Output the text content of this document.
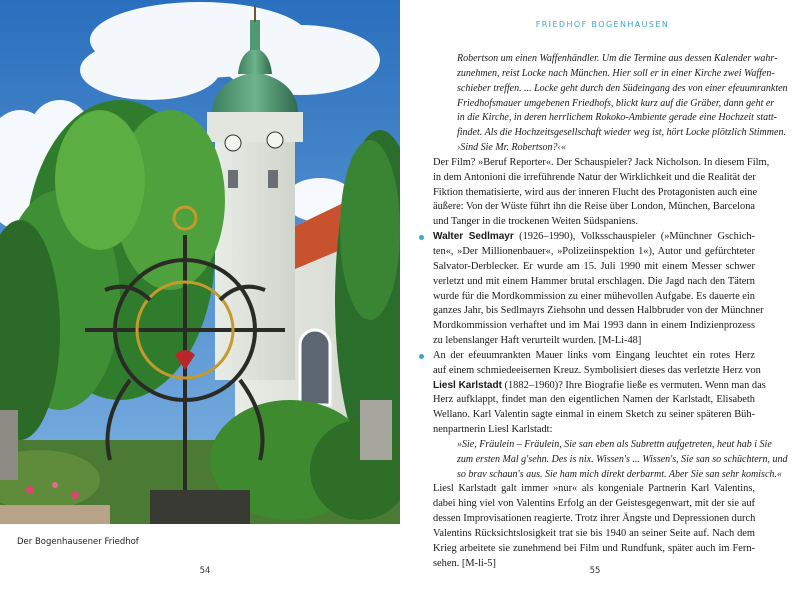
Der Bogenhausener Friedhof
54
FRIEDHOF BOGENHAUSEN

Robertson um einen Waffenhändler. Um die Termine aus dessen Kalender wahr-
zunehmen, reist Locke nach München. Hier soll er in einer Kirche zwei Waffen-
schieber treffen. ... Locke geht durch den Südeingang des von einer efeuumrankten
Friedhofsmauer umgebenen Friedhofs, blickt kurz auf die Gräber, dann geht er
in die Kirche, in deren herrlichem Rokoko-Ambiente gerade eine Hochzeit statt-
findet. Als die Hochzeitsgesellschaft wieder weg ist, hört Locke plötzlich Stimmen.
›Sind Sie Mr. Robertson?‹«

Der Film? »Beruf Reporter«. Der Schauspieler? Jack Nicholson. In diesem Film,
in dem Antonioni die irreführende Natur der Wirklichkeit und die Realität der
Fiktion thematisierte, wird aus der inneren Flucht des Protagonisten auch eine
äußere: Von der Wüste führt ihn die Reise über London, München, Barcelona
und Tanger in die trockenen Weiten Südspaniens.

Walter Sedlmayr (1926–1990), Volksschauspieler (»Münchner Gschich-
ten«, »Der Millionenbauer«, »Polizeiinspektion 1«), Autor und gefürchteter
Salvator-Derblecker. Er wurde am 15. Juli 1990 mit einem Messer schwer
verletzt und mit einem Hammer brutal erschlagen. Die Jagd nach den Tätern
wurde für die Mordkommission zu einer mühevollen Aufgabe. Es dauerte ein
ganzes Jahr, bis Sedlmayrs Ziehsohn und dessen Halbbruder von der Münchner
Mordkommission verhaftet und im Mai 1993 dann in einem Indizienprozess
zu lebenslanger Haft verurteilt wurden. [M-Li-48]

An der efeuumrankten Mauer links vom Eingang leuchtet ein rotes Herz
auf einem schmiedeeisernen Kreuz. Symbolisiert dieses das verletzte Herz von
Liesl Karlstadt (1882–1960)? Ihre Biografie ließe es vermuten. Wenn man das
Herz aufklappt, findet man den eigentlichen Namen der Karlstadt, Elisabeth
Wellano. Karl Valentin sagte einmal in einem Sketch zu seiner späteren Büh-
nenpartnerin Liesl Karlstadt:

»Sie, Fräulein – Fräulein, Sie san eben als Subrettn aufgetreten, heut hab i Sie
zum ersten Mal g'sehn. Des is nix. Wissen's ... Wissen's, Sie san so schüchtern, und
so brav schaun's aus. Sie ham mich direkt derbarmt. Aber Sie san sehr komisch.«

Liesl Karlstadt galt immer »nur« als kongeniale Partnerin Karl Valentins,
dabei hing viel von Valentins Erfolg an der Geistesgegenwart, mit der sie auf
dessen Improvisationen reagierte. Trotz ihrer Ängste und Depressionen durch
Valentins Rücksichtslosigkeit trat sie bis 1940 an seiner Seite auf. Nach dem
Krieg arbeitete sie zunehmend bei Film und Rundfunk, später auch im Fern-
sehen. [M-li-5]

55
